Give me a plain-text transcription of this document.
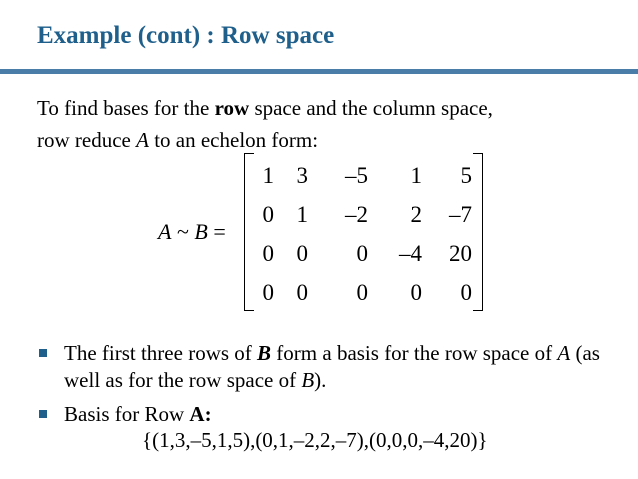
Example (cont) : Row space
To find bases for the row space and the column space,
row reduce A to an echelon form:
A ~ B =
1	3	–5	1	5
0	1	–2	2	–7
0	0	0	–4	20
0	0	0	0	0
The first three rows of B form a basis for the row space of A (as well as for the row space of B).
Basis for Row A:
{(1,3,–5,1,5),(0,1,–2,2,–7),(0,0,0,–4,20)}
